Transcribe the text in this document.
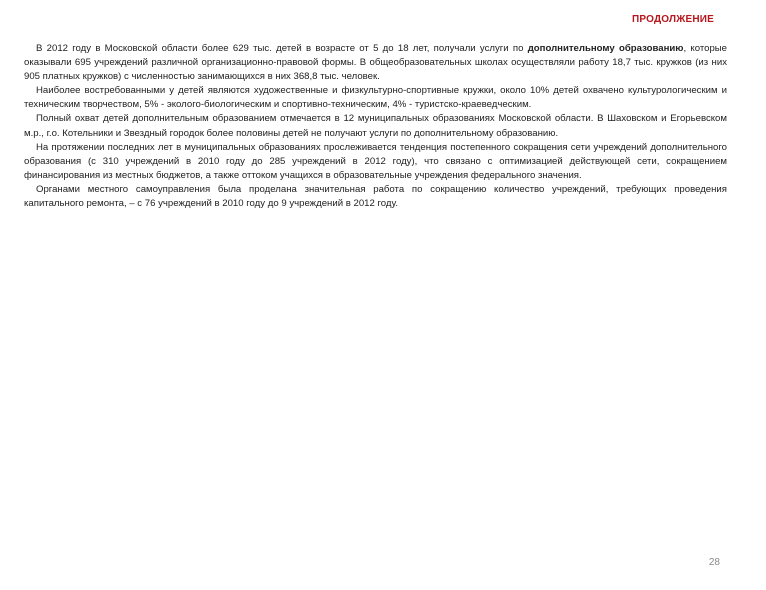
ПРОДОЛЖЕНИЕ

В 2012 году в Московской области более 629 тыс. детей в возрасте от 5 до 18 лет, получали услуги по дополнительному образованию, которые оказывали 695 учреждений различной организационно-правовой формы. В общеобразовательных школах осуществляли работу 18,7 тыс. кружков (из них 905 платных кружков) с численностью занимающихся в них 368,8 тыс. человек.

Наиболее востребованными у детей являются художественные и физкультурно-спортивные кружки, около 10% детей охвачено культурологическим и техническим творчеством, 5% - эколого-биологическим и спортивно-техническим, 4% - туристско-краеведческим.

Полный охват детей дополнительным образованием отмечается в 12 муниципальных образованиях Московской области. В Шаховском и Егорьевском м.р., г.о. Котельники и Звездный городок более половины детей не получают услуги по дополнительному образованию.

На протяжении последних лет в муниципальных образованиях прослеживается тенденция постепенного сокращения сети учреждений дополнительного образования (с 310 учреждений в 2010 году до 285 учреждений в 2012 году), что связано с оптимизацией действующей сети, сокращением финансирования из местных бюджетов, а также оттоком учащихся в образовательные учреждения федерального значения.

Органами местного самоуправления была проделана значительная работа по сокращению количество учреждений, требующих проведения капитального ремонта, – с 76 учреждений в 2010 году до 9 учреждений в 2012 году.

28
